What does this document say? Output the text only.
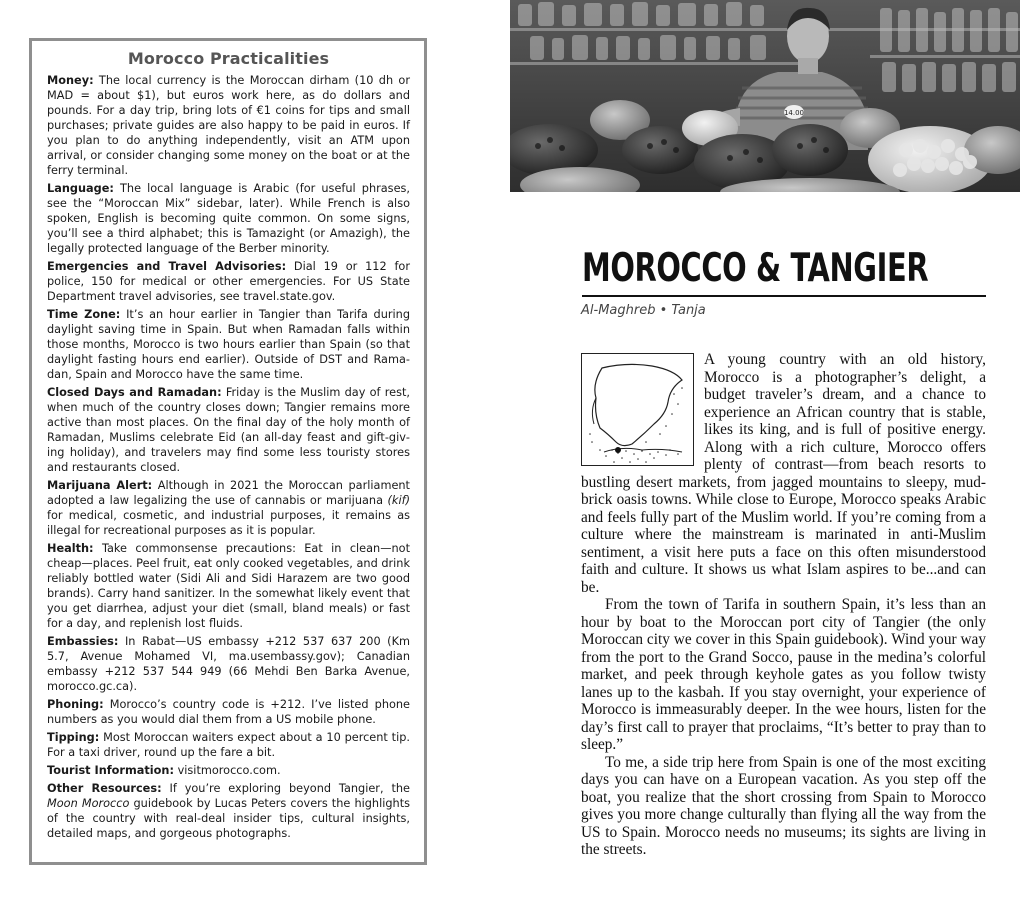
Morocco Practicalities
Money: The local currency is the Moroccan dirham (10 dh or MAD = about $1), but euros work here, as do dollars and pounds. For a day trip, bring lots of €1 coins for tips and small purchases; private guides are also happy to be paid in euros. If you plan to do anything independently, visit an ATM upon arrival, or consider changing some money on the boat or at the ferry terminal.
Language: The local language is Arabic (for useful phrases, see the “Moroccan Mix” sidebar, later). While French is also spoken, English is becoming quite common. On some signs, you’ll see a third alphabet; this is Tamazight (or Amazigh), the legally protected language of the Berber minority.
Emergencies and Travel Advisories: Dial 19 or 112 for police, 150 for medical or other emergencies. For US State Department travel advisories, see travel.state.gov.
Time Zone: It’s an hour earlier in Tangier than Tarifa during daylight saving time in Spain. But when Ramadan falls within those months, Morocco is two hours earlier than Spain (so that daylight fasting hours end earlier). Outside of DST and Ramadan, Spain and Morocco have the same time.
Closed Days and Ramadan: Friday is the Muslim day of rest, when much of the country closes down; Tangier remains more active than most places. On the final day of the holy month of Ramadan, Muslims celebrate Eid (an all-day feast and gift-giving holiday), and travelers may find some less touristy stores and restaurants closed.
Marijuana Alert: Although in 2021 the Moroccan parliament adopted a law legalizing the use of cannabis or marijuana (kif) for medical, cosmetic, and industrial purposes, it remains as illegal for recreational purposes as it is popular.
Health: Take commonsense precautions: Eat in clean—not cheap—places. Peel fruit, eat only cooked vegetables, and drink reliably bottled water (Sidi Ali and Sidi Harazem are two good brands). Carry hand sanitizer. In the somewhat likely event that you get diarrhea, adjust your diet (small, bland meals) or fast for a day, and replenish lost fluids.
Embassies: In Rabat—US embassy +212 537 637 200 (Km 5.7, Avenue Mohamed VI, ma.usembassy.gov); Canadian embassy +212 537 544 949 (66 Mehdi Ben Barka Avenue, morocco.gc.ca).
Phoning: Morocco’s country code is +212. I’ve listed phone numbers as you would dial them from a US mobile phone.
Tipping: Most Moroccan waiters expect about a 10 percent tip. For a taxi driver, round up the fare a bit.
Tourist Information: visitmorocco.com.
Other Resources: If you’re exploring beyond Tangier, the Moon Morocco guidebook by Lucas Peters covers the highlights of the country with real-deal insider tips, cultural insights, detailed maps, and gorgeous photographs.
14.00
MOROCCO & TANGIER
Al-Maghreb • Tanja

A young country with an old history, Morocco is a photographer’s delight, a budget traveler’s dream, and a chance to experience an African country that is stable, likes its king, and is full of positive energy. Along with a rich culture, Morocco offers plenty of contrast—from beach resorts to bustling desert markets, from jagged mountains to sleepy, mud-brick oasis towns. While close to Europe, Morocco speaks Arabic and feels fully part of the Muslim world. If you’re coming from a culture where the mainstream is marinated in anti-Muslim sentiment, a visit here puts a face on this often misunderstood faith and culture. It shows us what Islam aspires to be...and can be.

From the town of Tarifa in southern Spain, it’s less than an hour by boat to the Moroccan port city of Tangier (the only Moroccan city we cover in this Spain guidebook). Wind your way from the port to the Grand Socco, pause in the medina’s colorful market, and peek through keyhole gates as you follow twisty lanes up to the kasbah. If you stay overnight, your experience of Morocco is immeasurably deeper. In the wee hours, listen for the day’s first call to prayer that proclaims, “It’s better to pray than to sleep.”

To me, a side trip here from Spain is one of the most exciting days you can have on a European vacation. As you step off the boat, you realize that the short crossing from Spain to Morocco gives you more change culturally than flying all the way from the US to Spain. Morocco needs no museums; its sights are living in the streets.
